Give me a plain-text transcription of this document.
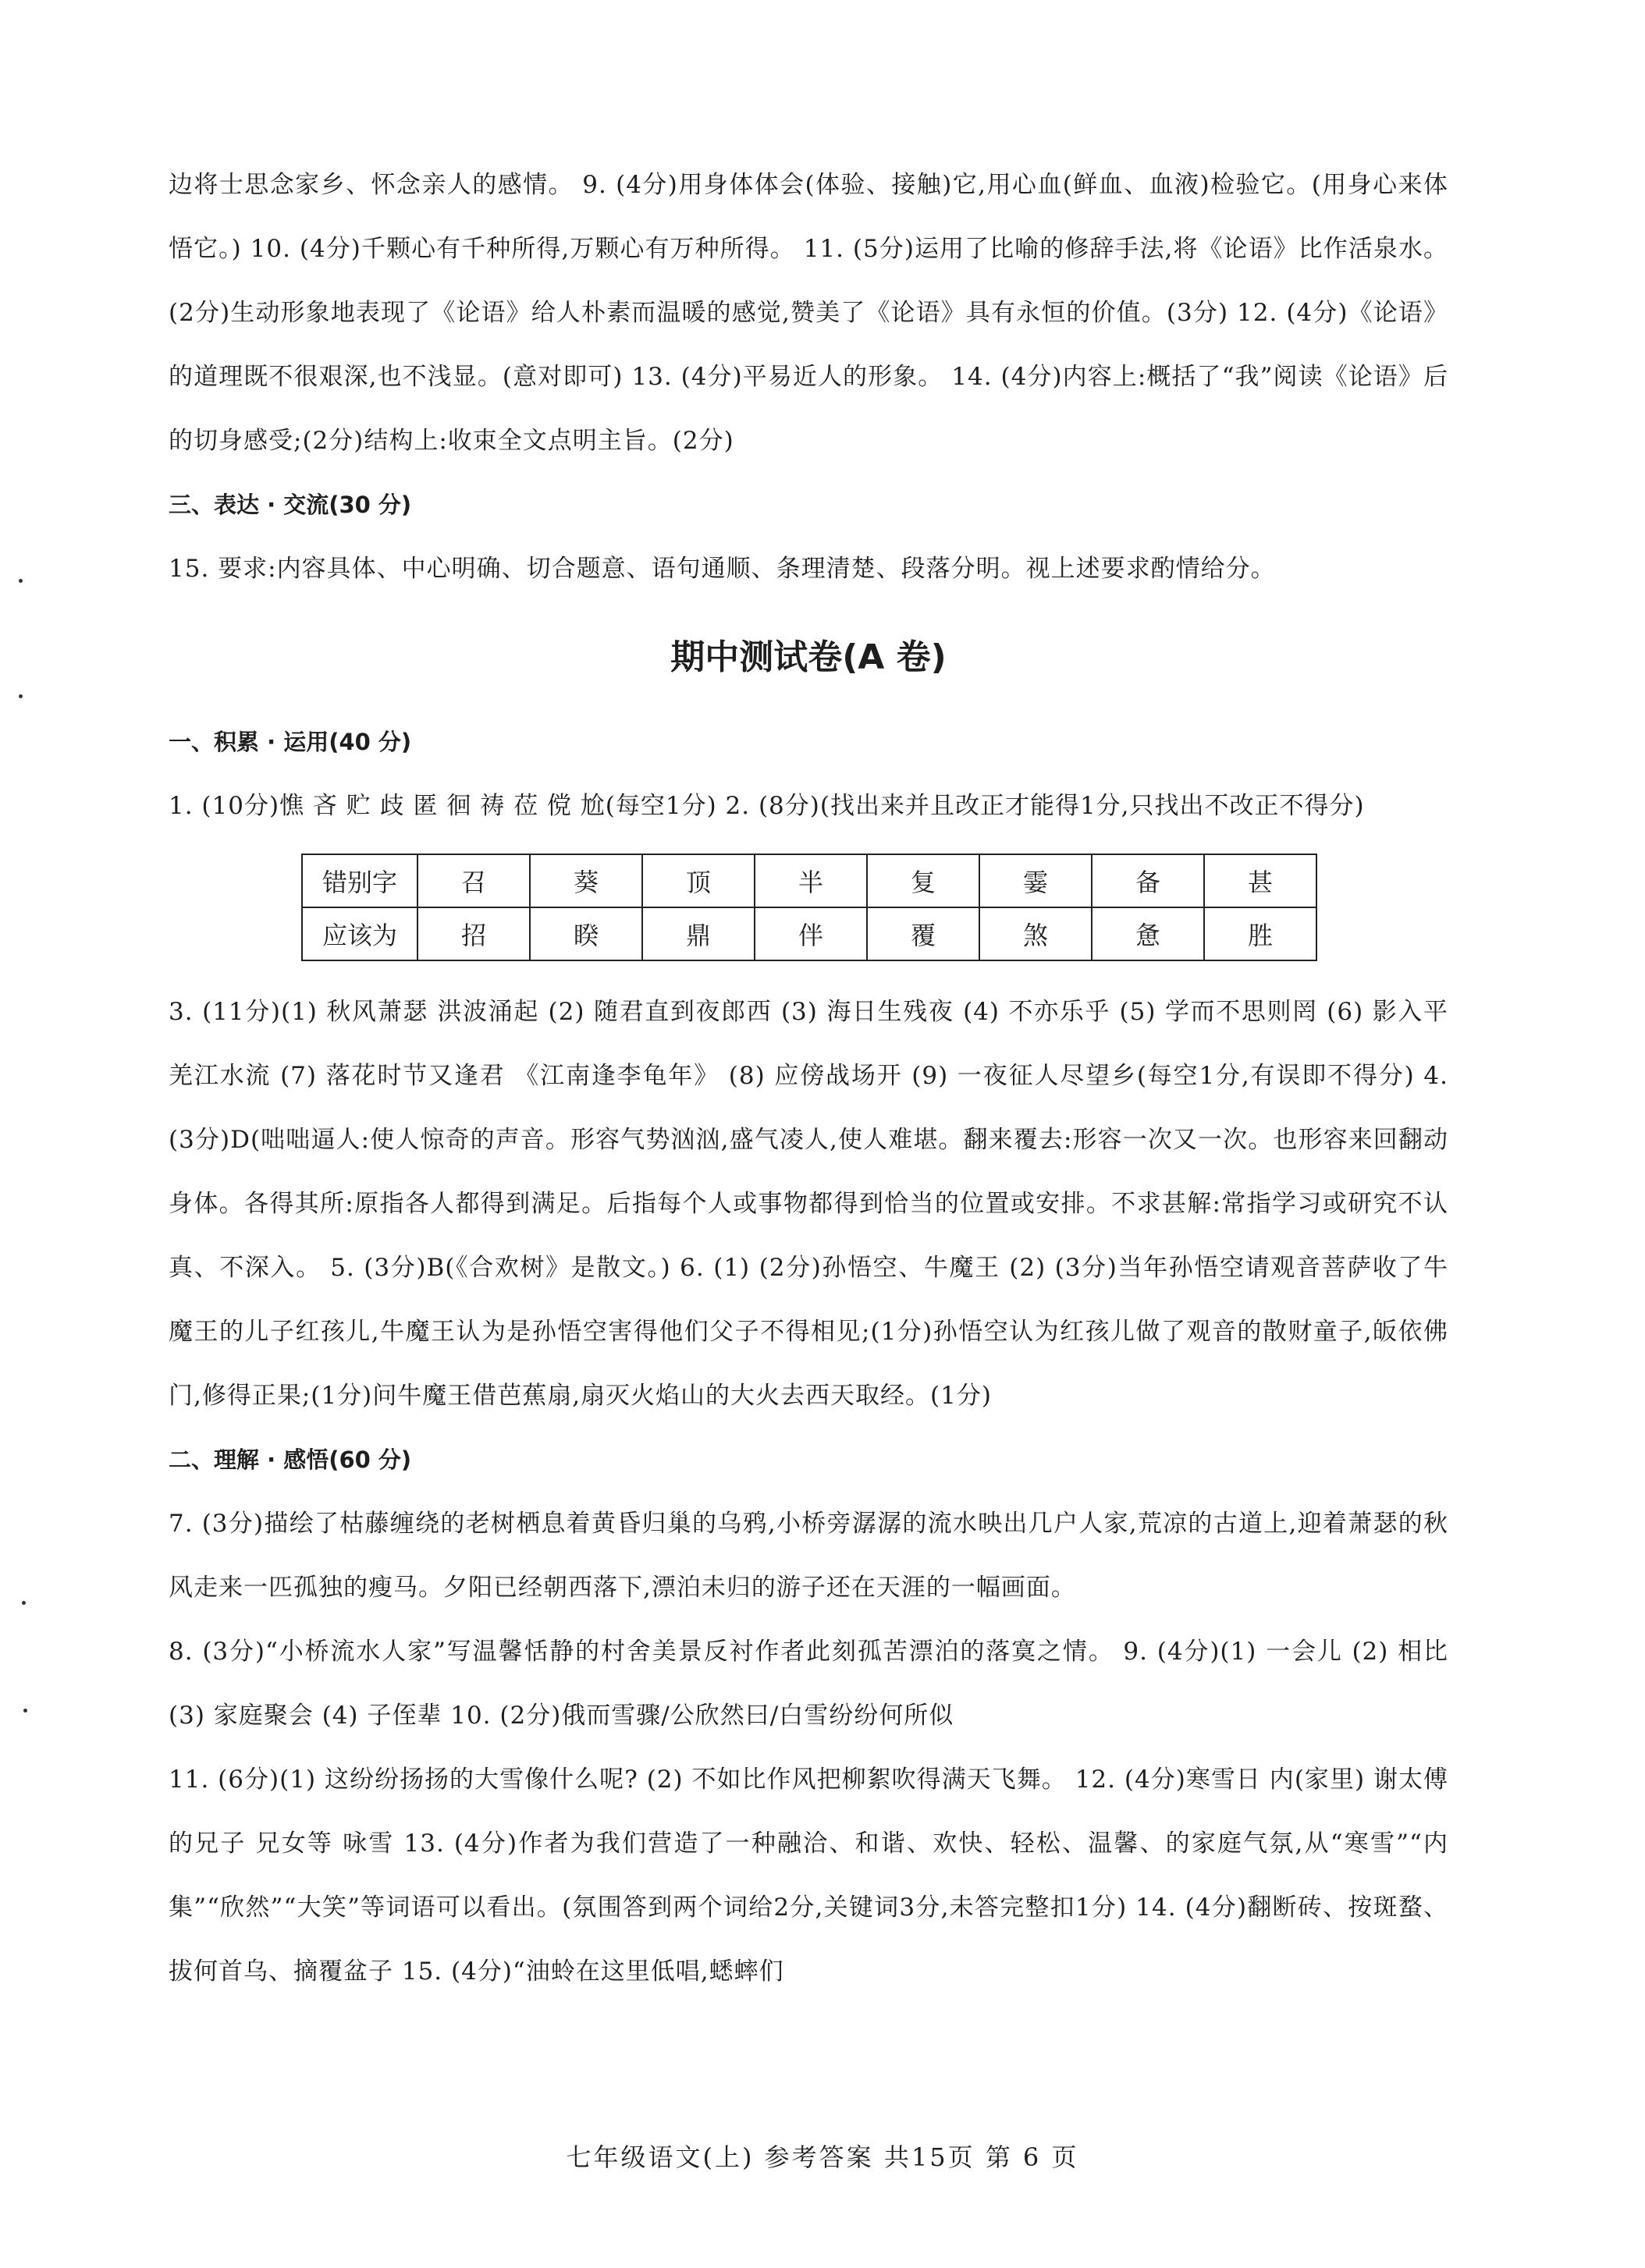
边将士思念家乡、怀念亲人的感情。 9. (4分)用身体体会(体验、接触)它,用心血(鲜血、血液)检验它。(用身心来体悟它。) 10. (4分)千颗心有千种所得,万颗心有万种所得。 11. (5分)运用了比喻的修辞手法,将《论语》比作活泉水。(2分)生动形象地表现了《论语》给人朴素而温暖的感觉,赞美了《论语》具有永恒的价值。(3分) 12. (4分)《论语》的道理既不很艰深,也不浅显。(意对即可) 13. (4分)平易近人的形象。 14. (4分)内容上:概括了“我”阅读《论语》后的切身感受;(2分)结构上:收束全文点明主旨。(2分)

三、表达 · 交流(30 分)

15. 要求:内容具体、中心明确、切合题意、语句通顺、条理清楚、段落分明。视上述要求酌情给分。

期中测试卷(A 卷)

一、积累 · 运用(40 分)

1. (10分)憔 吝 贮 歧 匿 徊 祷 莅 傥 尬(每空1分) 2. (8分)(找出来并且改正才能得1分,只找出不改正不得分)

错别字	召	葵	顶	半	复	霎	备	甚
应该为	招	睽	鼎	伴	覆	煞	惫	胜

3. (11分)(1) 秋风萧瑟 洪波涌起 (2) 随君直到夜郎西 (3) 海日生残夜 (4) 不亦乐乎 (5) 学而不思则罔 (6) 影入平羌江水流 (7) 落花时节又逢君 《江南逢李龟年》 (8) 应傍战场开 (9) 一夜征人尽望乡(每空1分,有误即不得分) 4. (3分)D(咄咄逼人:使人惊奇的声音。形容气势汹汹,盛气凌人,使人难堪。翻来覆去:形容一次又一次。也形容来回翻动身体。各得其所:原指各人都得到满足。后指每个人或事物都得到恰当的位置或安排。不求甚解:常指学习或研究不认真、不深入。 5. (3分)B(《合欢树》是散文。) 6. (1) (2分)孙悟空、牛魔王 (2) (3分)当年孙悟空请观音菩萨收了牛魔王的儿子红孩儿,牛魔王认为是孙悟空害得他们父子不得相见;(1分)孙悟空认为红孩儿做了观音的散财童子,皈依佛门,修得正果;(1分)问牛魔王借芭蕉扇,扇灭火焰山的大火去西天取经。(1分)

二、理解 · 感悟(60 分)

7. (3分)描绘了枯藤缠绕的老树栖息着黄昏归巢的乌鸦,小桥旁潺潺的流水映出几户人家,荒凉的古道上,迎着萧瑟的秋风走来一匹孤独的瘦马。夕阳已经朝西落下,漂泊未归的游子还在天涯的一幅画面。

8. (3分)“小桥流水人家”写温馨恬静的村舍美景反衬作者此刻孤苦漂泊的落寞之情。 9. (4分)(1) 一会儿 (2) 相比 (3) 家庭聚会 (4) 子侄辈 10. (2分)俄而雪骤/公欣然曰/白雪纷纷何所似

11. (6分)(1) 这纷纷扬扬的大雪像什么呢? (2) 不如比作风把柳絮吹得满天飞舞。 12. (4分)寒雪日 内(家里) 谢太傅的兄子 兄女等 咏雪 13. (4分)作者为我们营造了一种融洽、和谐、欢快、轻松、温馨、的家庭气氛,从“寒雪”“内集”“欣然”“大笑”等词语可以看出。(氛围答到两个词给2分,关键词3分,未答完整扣1分) 14. (4分)翻断砖、按斑蝥、拔何首乌、摘覆盆子 15. (4分)“油蛉在这里低唱,蟋蟀们

七年级语文(上) 参考答案 共15页 第 6 页
